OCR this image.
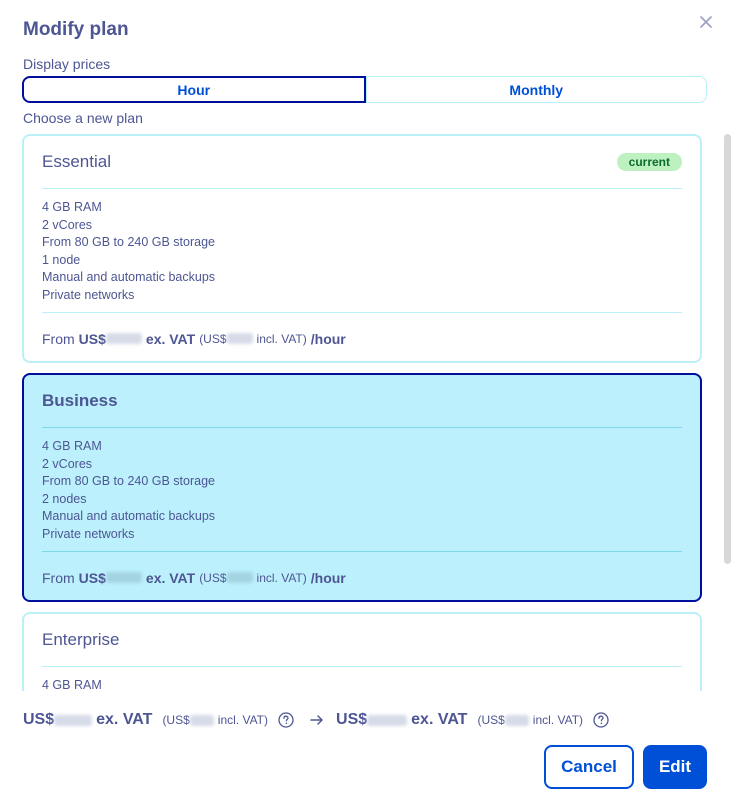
Modify plan
Display prices
Hour	Monthly
Choose a new plan
Essential	current
4 GB RAM
2 vCores
From 80 GB to 240 GB storage
1 node
Manual and automatic backups
Private networks
From US$	ex. VAT (US$	incl. VAT) /hour
Business
4 GB RAM
2 vCores
From 80 GB to 240 GB storage
2 nodes
Manual and automatic backups
Private networks
From US$	ex. VAT (US$	incl. VAT) /hour
Enterprise
4 GB RAM
US$	ex. VAT (US$ incl. VAT)	US$	ex. VAT (US$ incl. VAT)
Cancel	Edit
